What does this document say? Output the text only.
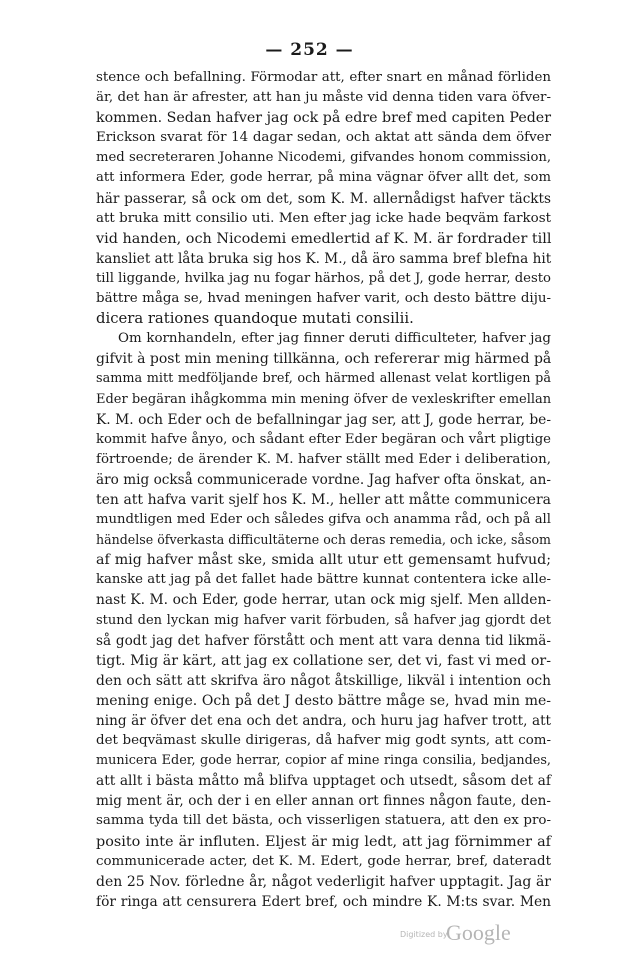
— 252 —
stence och befallning. Förmodar att, efter snart en månad förliden
är, det han är afrester, att han ju måste vid denna tiden vara öfver-
kommen. Sedan hafver jag ock på edre bref med capiten Peder
Erickson svarat för 14 dagar sedan, och aktat att sända dem öfver
med secreteraren Johanne Nicodemi, gifvandes honom commission,
att informera Eder, gode herrar, på mina vägnar öfver allt det, som
här passerar, så ock om det, som K. M. allernådigst hafver täckts
att bruka mitt consilio uti. Men efter jag icke hade beqväm farkost
vid handen, och Nicodemi emedlertid af K. M. är fordrader till
kansliet att låta bruka sig hos K. M., då äro samma bref blefna hit
till liggande, hvilka jag nu fogar härhos, på det J, gode herrar, desto
bättre måga se, hvad meningen hafver varit, och desto bättre diju-
dicera rationes quandoque mutati consilii.
Om kornhandeln, efter jag finner deruti difficulteter, hafver jag
gifvit à post min mening tillkänna, och refererar mig härmed på
samma mitt medföljande bref, och härmed allenast velat kortligen på
Eder begäran ihågkomma min mening öfver de vexleskrifter emellan
K. M. och Eder och de befallningar jag ser, att J, gode herrar, be-
kommit hafve ånyo, och sådant efter Eder begäran och vårt pligtige
förtroende; de ärender K. M. hafver ställt med Eder i deliberation,
äro mig också communicerade vordne. Jag hafver ofta önskat, an-
ten att hafva varit sjelf hos K. M., heller att måtte communicera
mundtligen med Eder och således gifva och anamma råd, och på all
händelse öfverkasta difficultäterne och deras remedia, och icke, såsom
af mig hafver måst ske, smida allt utur ett gemensamt hufvud;
kanske att jag på det fallet hade bättre kunnat contentera icke alle-
nast K. M. och Eder, gode herrar, utan ock mig sjelf. Men allden-
stund den lyckan mig hafver varit förbuden, så hafver jag gjordt det
så godt jag det hafver förstått och ment att vara denna tid likmä-
tigt. Mig är kärt, att jag ex collatione ser, det vi, fast vi med or-
den och sätt att skrifva äro något åtskillige, likväl i intention och
mening enige. Och på det J desto bättre måge se, hvad min me-
ning är öfver det ena och det andra, och huru jag hafver trott, att
det beqvämast skulle dirigeras, då hafver mig godt synts, att com-
municera Eder, gode herrar, copior af mine ringa consilia, bedjandes,
att allt i bästa måtto må blifva upptaget och utsedt, såsom det af
mig ment är, och der i en eller annan ort finnes någon faute, den-
samma tyda till det bästa, och visserligen statuera, att den ex pro-
posito inte är influten. Eljest är mig ledt, att jag förnimmer af
communicerade acter, det K. M. Edert, gode herrar, bref, dateradt
den 25 Nov. förledne år, något vederligit hafver upptagit. Jag är
för ringa att censurera Edert bref, och mindre K. M:ts svar. Men
Digitized by
Google
